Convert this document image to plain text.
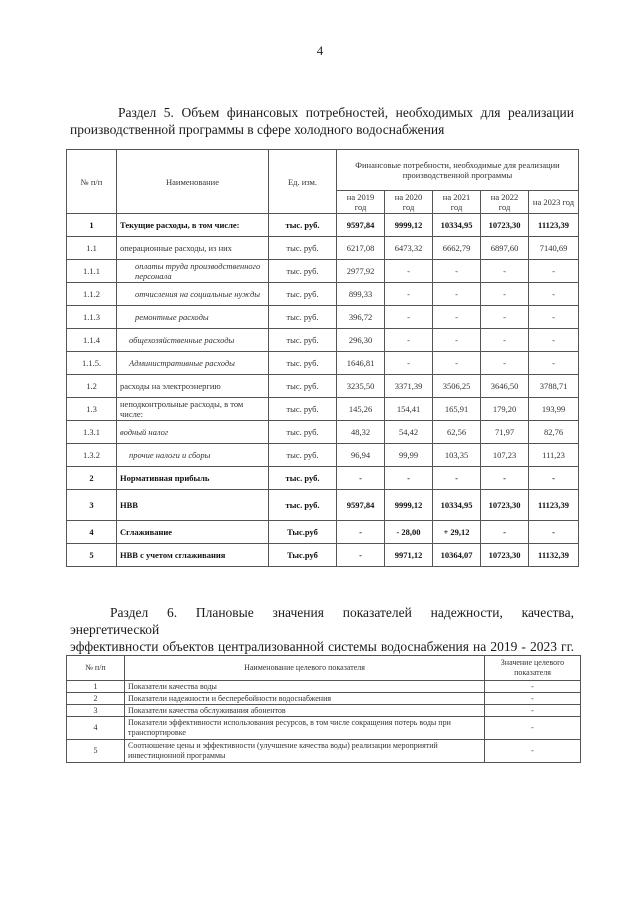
4
Раздел 5. Объем финансовых потребностей, необходимых для реализации
производственной программы в сфере холодного водоснабжения
№ п/п	Наименование	Ед. изм.	Финансовые потребности, необходимые для реализации производственной программы				
			на 2019 год	на 2020 год	на 2021 год	на 2022 год	на 2023 год
1	Текущие расходы, в том числе:	тыс. руб.	9597,84	9999,12	10334,95	10723,30	11123,39
1.1	операционные расходы, из них	тыс. руб.	6217,08	6473,32	6662,79	6897,60	7140,69
1.1.1	оплаты труда производственного персонала	тыс. руб.	2977,92	-	-	-	-
1.1.2	отчисления на социальные нужды	тыс. руб.	899,33	-	-	-	-
1.1.3	ремонтные расходы	тыс. руб.	396,72	-	-	-	-
1.1.4	общехозяйственные расходы	тыс. руб.	296,30	-	-	-	-
1.1.5.	Административные расходы	тыс. руб.	1646,81	-	-	-	-
1.2	расходы на электроэнергию	тыс. руб.	3235,50	3371,39	3506,25	3646,50	3788,71
1.3	неподконтрольные расходы, в том числе:	тыс. руб.	145,26	154,41	165,91	179,20	193,99
1.3.1	водный налог	тыс. руб.	48,32	54,42	62,56	71,97	82,76
1.3.2	прочие налоги и сборы	тыс. руб.	96,94	99,99	103,35	107,23	111,23
2	Нормативная прибыль	тыс. руб.	-	-	-	-	-
3	НВВ	тыс. руб.	9597,84	9999,12	10334,95	10723,30	11123,39
4	Сглаживание	Тыс.руб	-	- 28,00	+ 29,12	-	-
5	НВВ с учетом сглаживания	Тыс.руб	-	9971,12	10364,07	10723,30	11132,39
Раздел 6. Плановые значения показателей надежности, качества, энергетической
эффективности объектов централизованной системы водоснабжения на 2019 - 2023 гг.
№ п/п	Наименование целевого показателя	Значение целевого показателя
1	Показатели качества воды	-
2	Показатели надежности и бесперебойности водоснабжения	-
3	Показатели качества обслуживания абонентов	-
4	Показатели эффективности использования ресурсов, в том числе сокращения потерь воды при транспортировке	-
5	Соотношение цены и эффективности (улучшение качества воды) реализации мероприятий инвестиционной программы	-
